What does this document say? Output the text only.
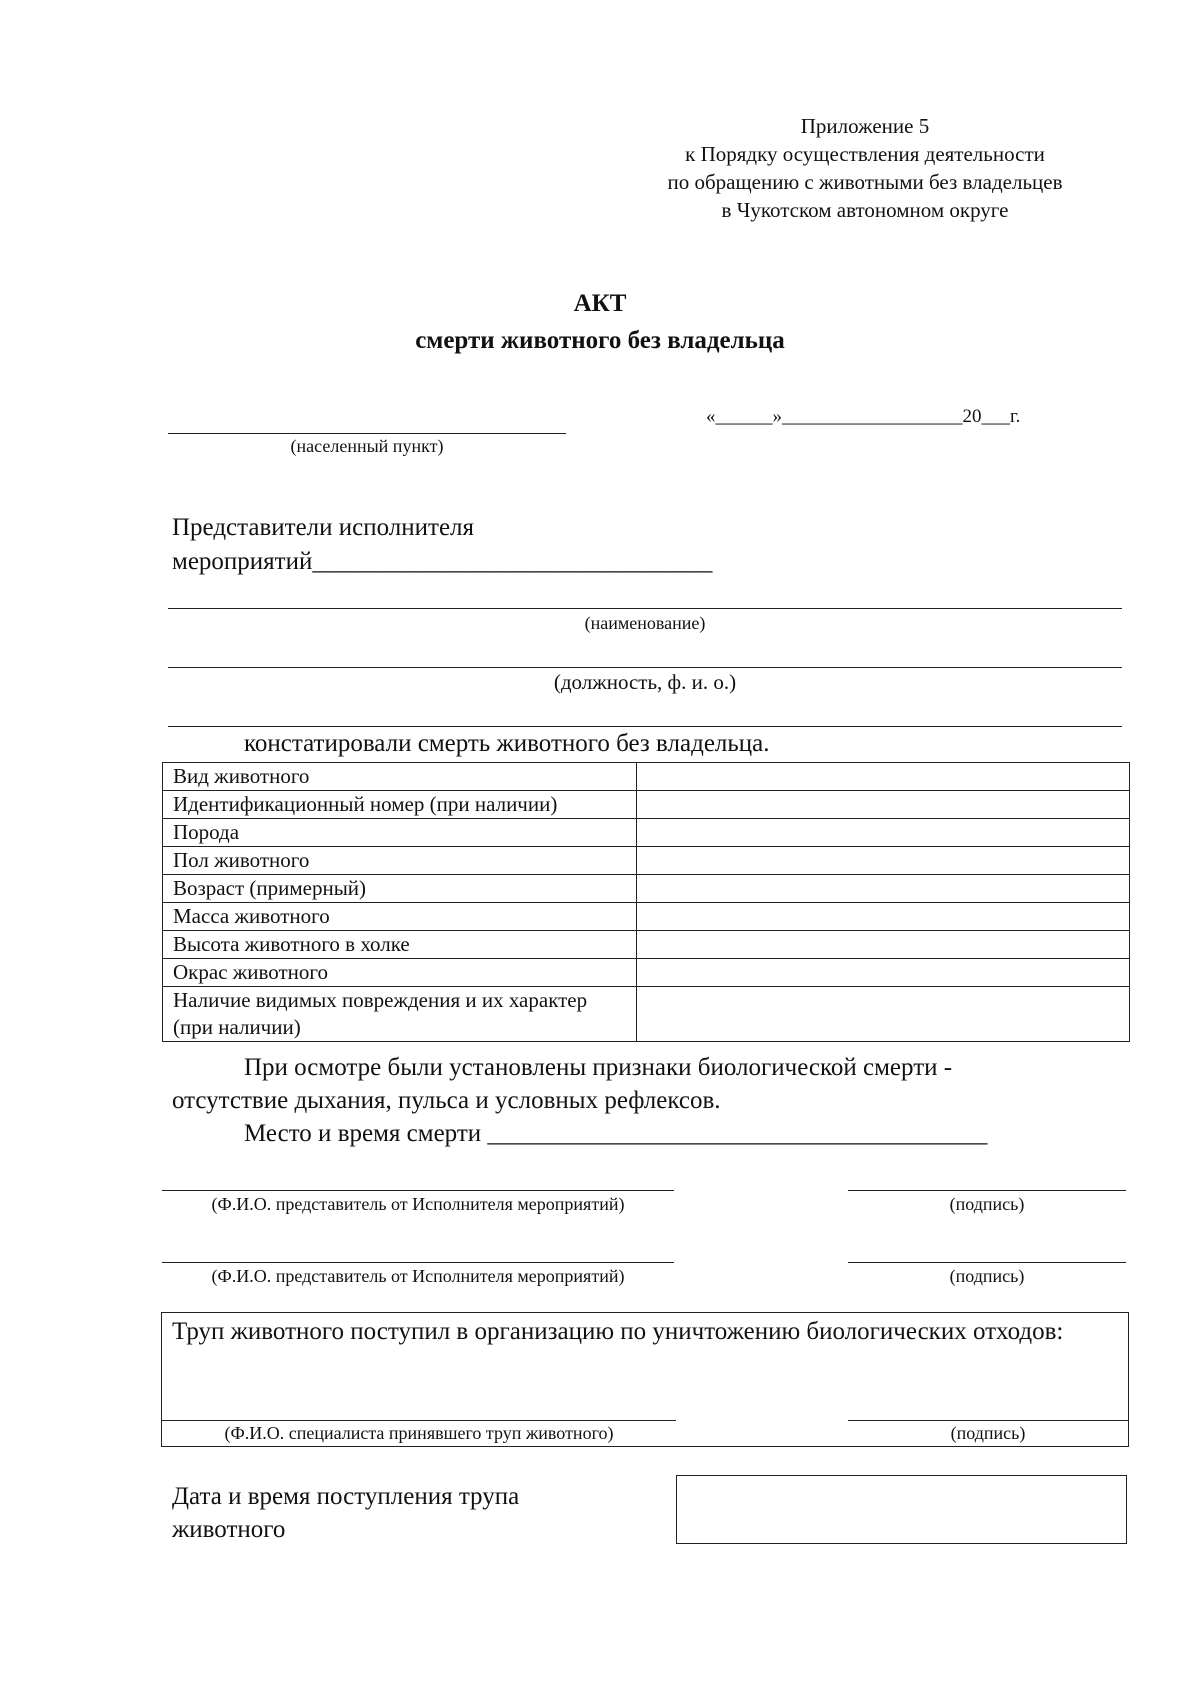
Приложение 5
к Порядку осуществления деятельности
по обращению с животными без владельцев
в Чукотском автономном округе
АКТ
смерти животного без владельца
(населенный пункт)
«______»___________________20___г.
Представители исполнителя
мероприятий________________________________
(наименование)
(должность, ф. и. о.)
констатировали смерть животного без владельца.
Вид животного	
Идентификационный номер (при наличии)	
Порода	
Пол животного	
Возраст (примерный)	
Масса животного	
Высота животного в холке	
Окрас животного	
Наличие видимых повреждения и их характер (при наличии)	
При осмотре были установлены признаки биологической смерти -
отсутствие дыхания, пульса и условных рефлексов.
Место и время смерти ________________________________________
(Ф.И.О. представитель от Исполнителя мероприятий)	(подпись)
(Ф.И.О. представитель от Исполнителя мероприятий)	(подпись)
Труп животного поступил в организацию по уничтожению биологических отходов:
(Ф.И.О. специалиста принявшего труп животного)	(подпись)
Дата и время поступления трупа
животного
